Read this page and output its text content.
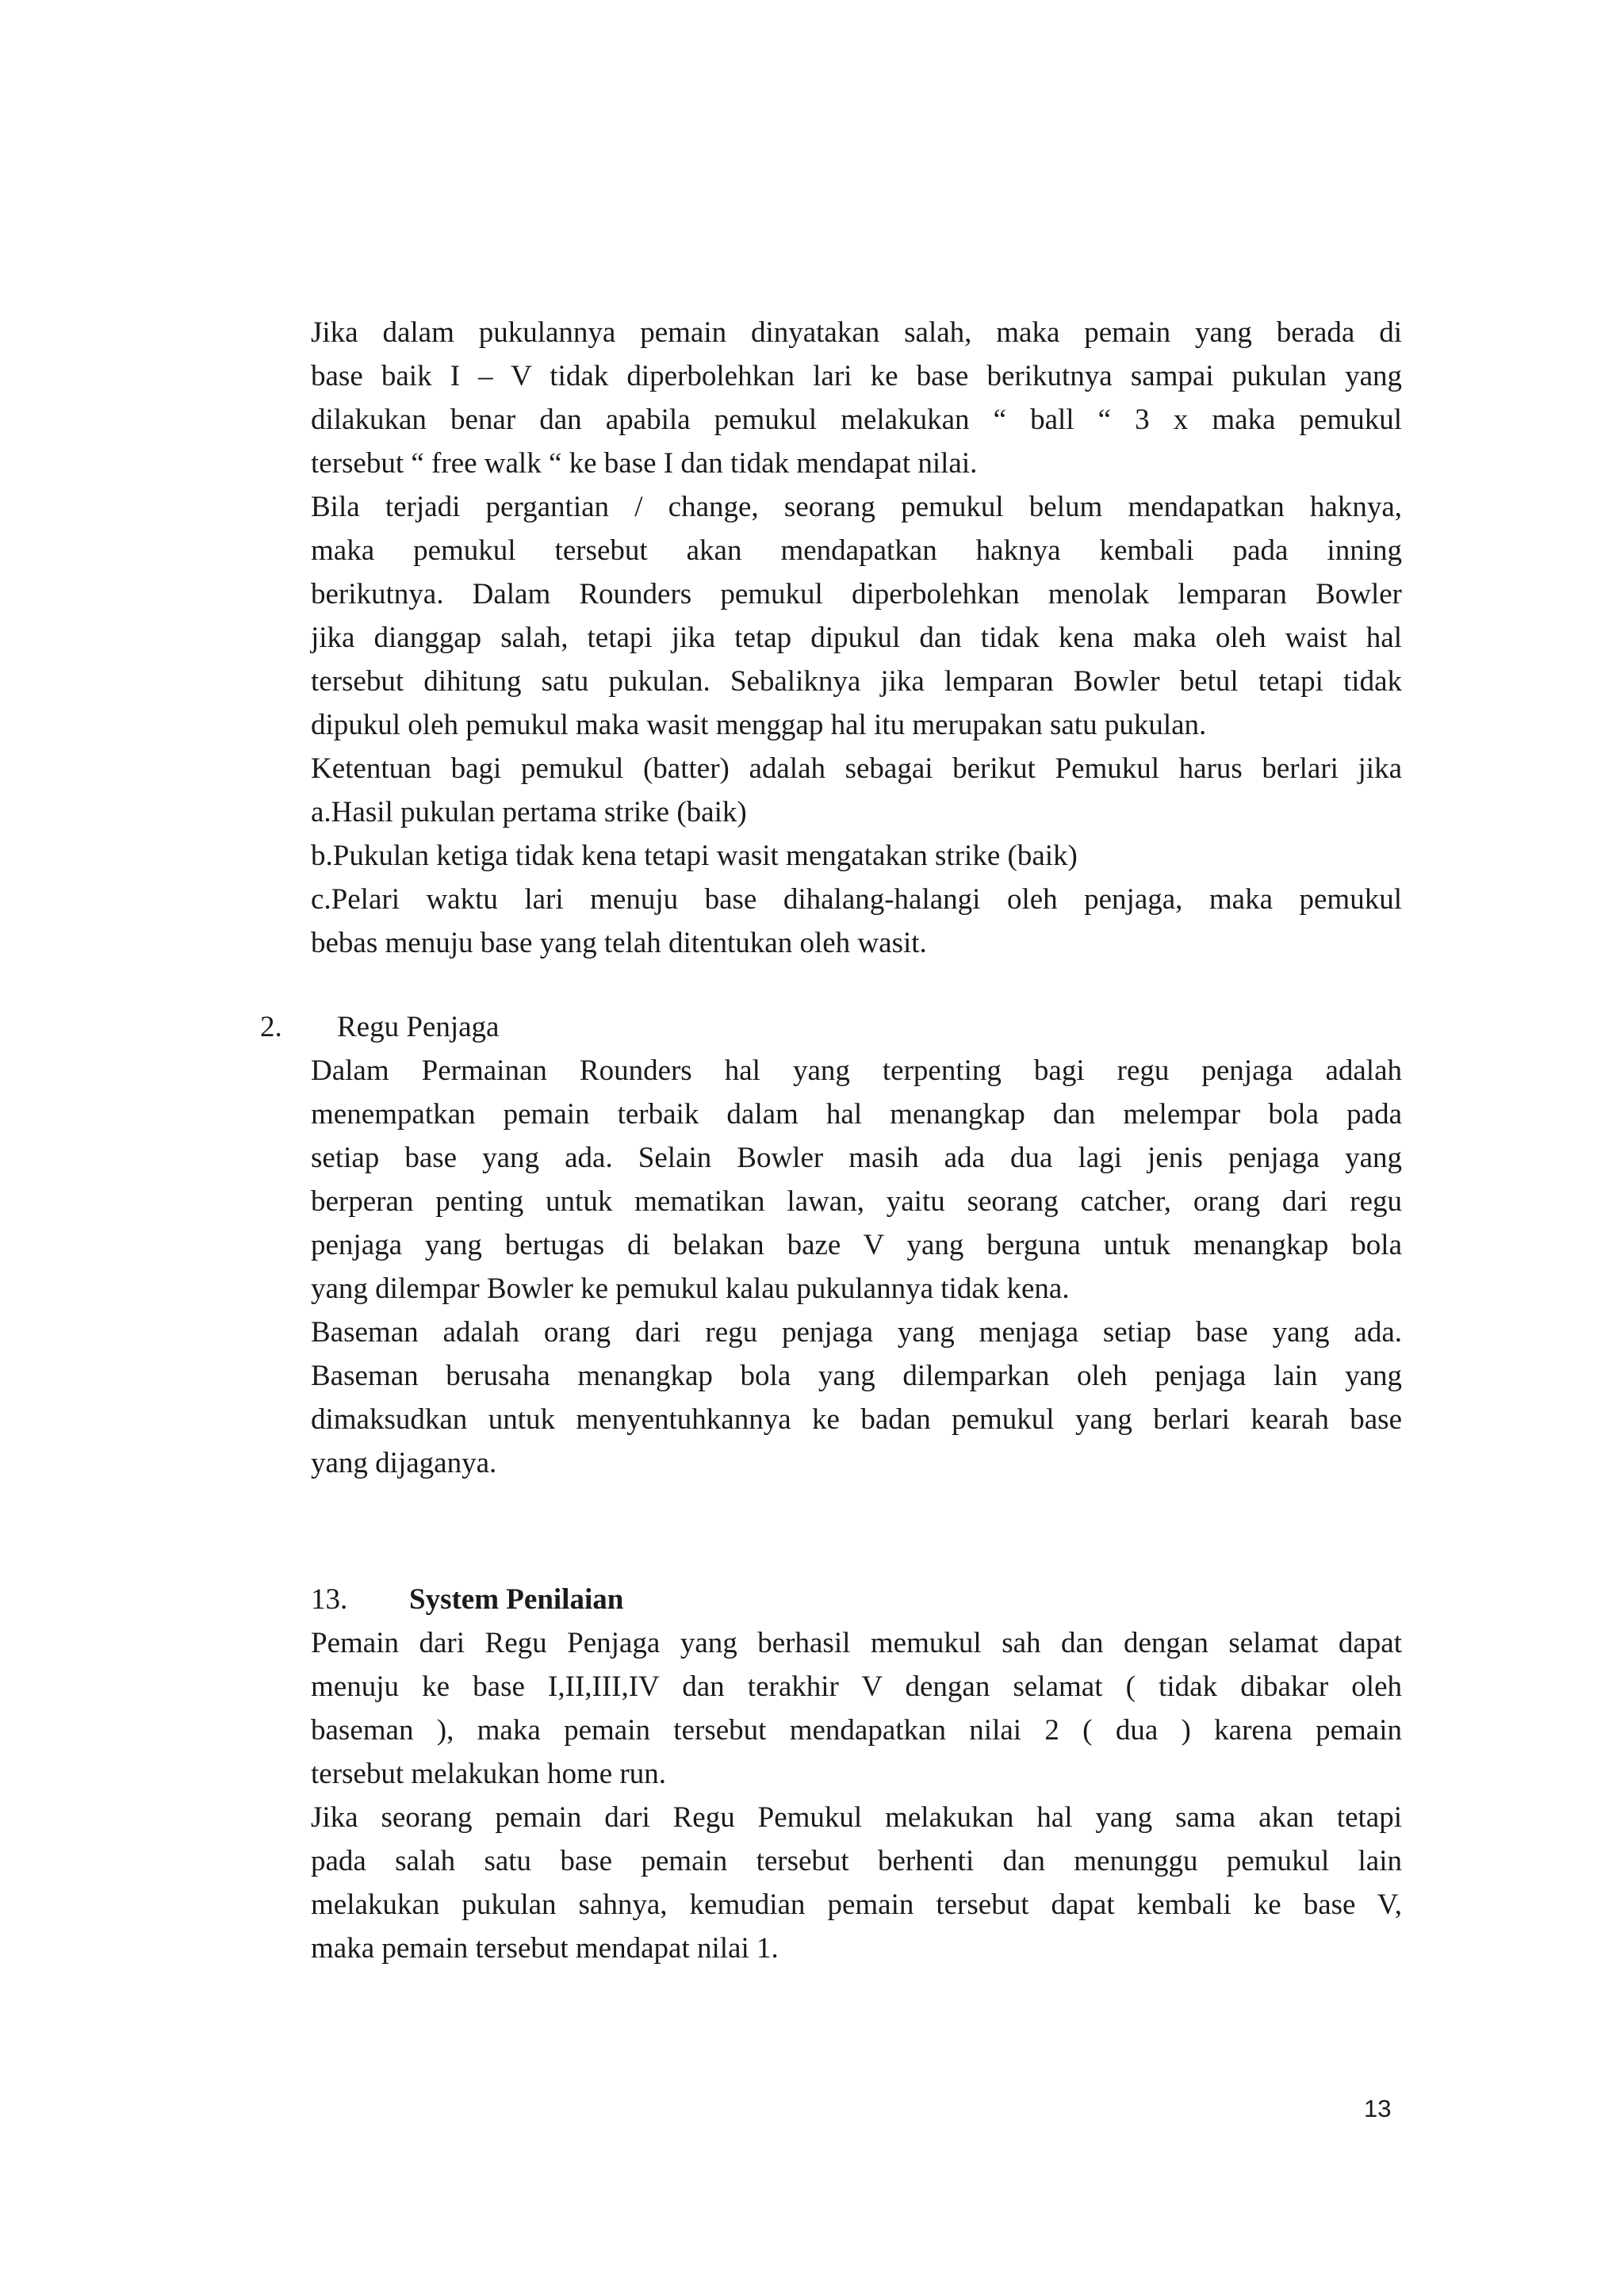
Jika dalam pukulannya pemain dinyatakan salah, maka pemain yang berada di
base baik I – V tidak diperbolehkan lari ke base berikutnya sampai pukulan yang
dilakukan benar dan apabila pemukul melakukan “ ball “ 3 x maka pemukul
tersebut “ free walk “ ke base I dan tidak mendapat nilai.
Bila terjadi pergantian / change, seorang pemukul belum mendapatkan haknya,
maka pemukul tersebut akan mendapatkan haknya kembali pada inning
berikutnya. Dalam Rounders pemukul diperbolehkan menolak lemparan Bowler
jika dianggap salah, tetapi jika tetap dipukul dan tidak kena maka oleh waist hal
tersebut dihitung satu pukulan. Sebaliknya jika lemparan Bowler betul tetapi tidak
dipukul oleh pemukul maka wasit menggap hal itu merupakan satu pukulan.
Ketentuan bagi pemukul (batter) adalah sebagai berikut Pemukul harus berlari jika
a.Hasil pukulan pertama strike (baik)
b.Pukulan ketiga tidak kena tetapi wasit mengatakan strike (baik)
c.Pelari waktu lari menuju base dihalang-halangi oleh penjaga, maka pemukul
bebas menuju base yang telah ditentukan oleh wasit.
2. Regu Penjaga
Dalam Permainan Rounders hal yang terpenting bagi regu penjaga adalah
menempatkan pemain terbaik dalam hal menangkap dan melempar bola pada
setiap base yang ada. Selain Bowler masih ada dua lagi jenis penjaga yang
berperan penting untuk mematikan lawan, yaitu seorang catcher, orang dari regu
penjaga yang bertugas di belakan baze V yang berguna untuk menangkap bola
yang dilempar Bowler ke pemukul kalau pukulannya tidak kena.
Baseman adalah orang dari regu penjaga yang menjaga setiap base yang ada.
Baseman berusaha menangkap bola yang dilemparkan oleh penjaga lain yang
dimaksudkan untuk menyentuhkannya ke badan pemukul yang berlari kearah base
yang dijaganya.
13. System Penilaian
Pemain dari Regu Penjaga yang berhasil memukul sah dan dengan selamat dapat
menuju ke base I,II,III,IV dan terakhir V dengan selamat ( tidak dibakar oleh
baseman ), maka pemain tersebut mendapatkan nilai 2 ( dua ) karena pemain
tersebut melakukan home run.
Jika seorang pemain dari Regu Pemukul melakukan hal yang sama akan tetapi
pada salah satu base pemain tersebut berhenti dan menunggu pemukul lain
melakukan pukulan sahnya, kemudian pemain tersebut dapat kembali ke base V,
maka pemain tersebut mendapat nilai 1.
13
